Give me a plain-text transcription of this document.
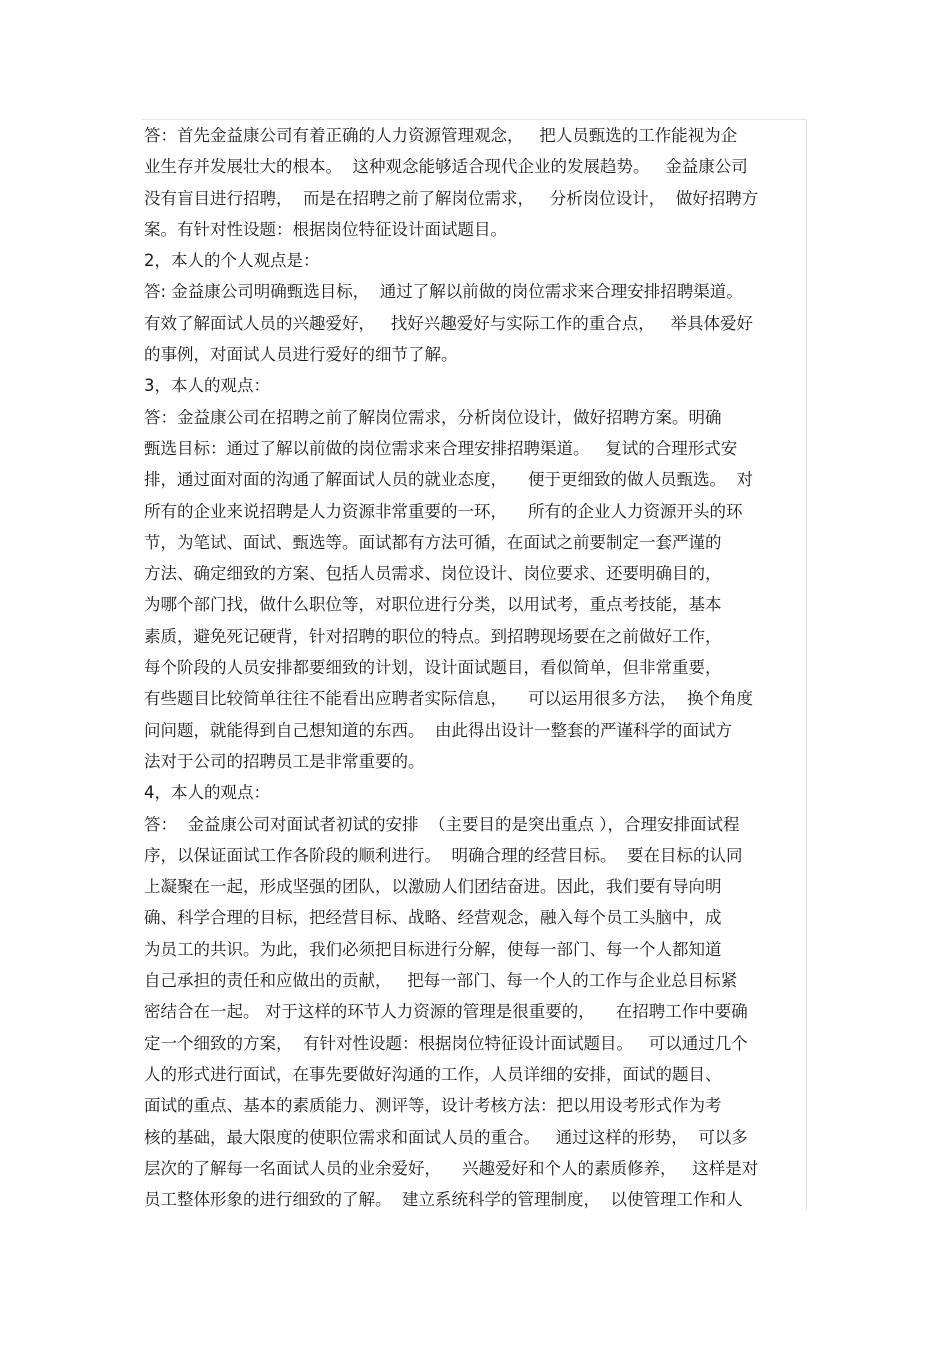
答：首先金益康公司有着正确的人力资源管理观念，   把人员甄选的工作能视为企
业生存并发展壮大的根本。  这种观念能够适合现代企业的发展趋势。   金益康公司
没有盲目进行招聘，  而是在招聘之前了解岗位需求，   分析岗位设计，  做好招聘方
案。有针对性设题：根据岗位特征设计面试题目。
2，本人的个人观点是：
答: 金益康公司明确甄选目标，  通过了解以前做的岗位需求来合理安排招聘渠道。
有效了解面试人员的兴趣爱好，   找好兴趣爱好与实际工作的重合点，   举具体爱好
的事例，对面试人员进行爱好的细节了解。
3，本人的观点：
答：金益康公司在招聘之前了解岗位需求，分析岗位设计，做好招聘方案。明确
甄选目标：通过了解以前做的岗位需求来合理安排招聘渠道。   复试的合理形式安
排，通过面对面的沟通了解面试人员的就业态度，    便于更细致的做人员甄选。  对
所有的企业来说招聘是人力资源非常重要的一环，    所有的企业人力资源开头的环
节，为笔试、面试、甄选等。面试都有方法可循，在面试之前要制定一套严谨的
方法、确定细致的方案、包括人员需求、岗位设计、岗位要求、还要明确目的，
为哪个部门找，做什么职位等，对职位进行分类，以用试考，重点考技能，基本
素质，避免死记硬背，针对招聘的职位的特点。到招聘现场要在之前做好工作，
每个阶段的人员安排都要细致的计划，设计面试题目，看似简单，但非常重要，
有些题目比较简单往往不能看出应聘者实际信息，    可以运用很多方法，  换个角度
问问题，就能得到自己想知道的东西。  由此得出设计一整套的严谨科学的面试方
法对于公司的招聘员工是非常重要的。
4，本人的观点：
答：  金益康公司对面试者初试的安排  （主要目的是突出重点 ），合理安排面试程
序，以保证面试工作各阶段的顺利进行。  明确合理的经营目标。  要在目标的认同
上凝聚在一起，形成坚强的团队，以激励人们团结奋进。因此，我们要有导向明
确、科学合理的目标，把经营目标、战略、经营观念，融入每个员工头脑中，成
为员工的共识。为此，我们必须把目标进行分解，使每一部门、每一个人都知道
自己承担的责任和应做出的贡献，   把每一部门、每一个人的工作与企业总目标紧
密结合在一起。 对于这样的环节人力资源的管理是很重要的，    在招聘工作中要确
定一个细致的方案，  有针对性设题：根据岗位特征设计面试题目。   可以通过几个
人的形式进行面试，在事先要做好沟通的工作，人员详细的安排，面试的题目、
面试的重点、基本的素质能力、测评等，设计考核方法：把以用设考形式作为考
核的基础，最大限度的使职位需求和面试人员的重合。   通过这样的形势，  可以多
层次的了解每一名面试人员的业余爱好，    兴趣爱好和个人的素质修养，   这样是对
员工整体形象的进行细致的了解。  建立系统科学的管理制度，  以使管理工作和人
